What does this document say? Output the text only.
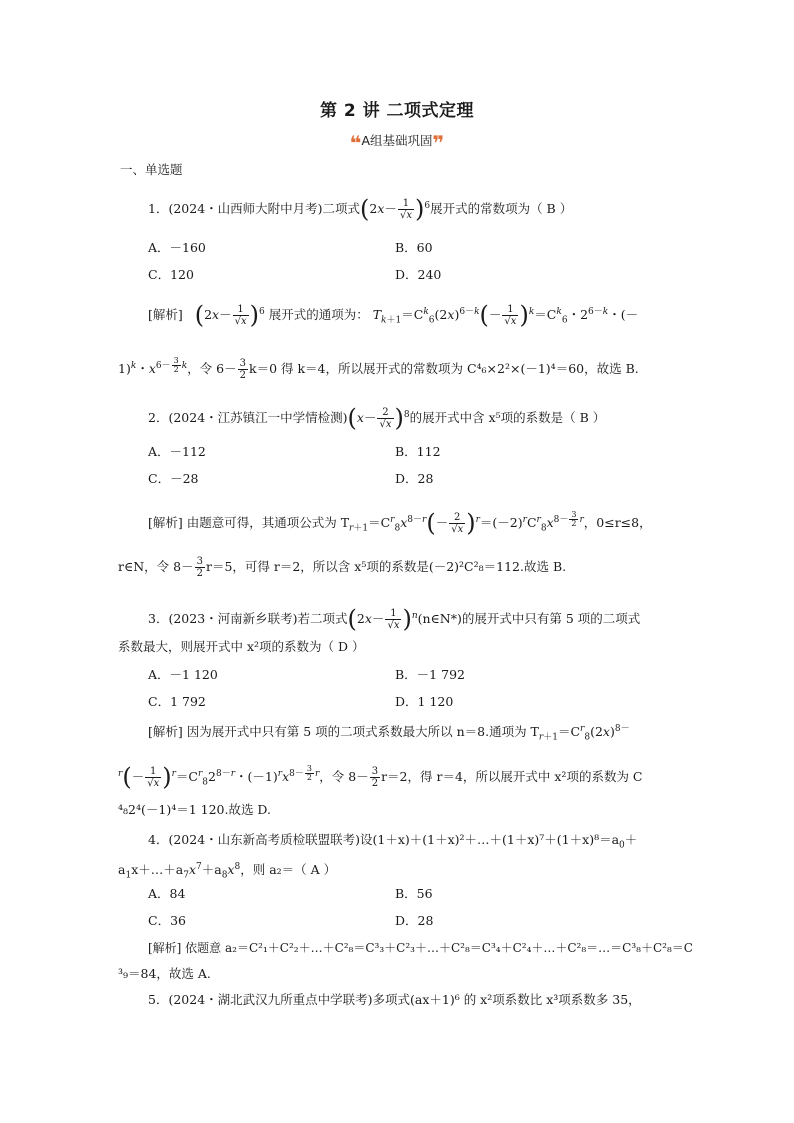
第 2 讲 二项式定理
❝A组基础巩固❞
一、单选题
1．(2024・山西师大附中月考)二项式$(2x- \frac{1}{√x} )^6$展开式的常数项为（ B ）
A．－160	B．60
C．120	D．240
[解析] $(2x- \frac{1}{√x} )^6$ 展开式的通项为： $T_{k+1}=C^k_6(2x)^{6-k}(- \frac{1}{√x} )^k=C^k_6$・$2^{6-k}$・(－
1)$^k$・$x^{6- \frac{3}{2} k}$，令 $6- \frac{3}{2} k=0$ 得 k＝4，所以展开式的常数项为 C⁴₆×2²×(－1)⁴＝60，故选 B.
2．(2024・江苏镇江一中学情检测)$(x- \frac{2}{√x} )^8$的展开式中含 x⁵项的系数是（ B ）
A．－112	B．112
C．－28	D．28
[解析] 由题意可得，其通项公式为 $T_{r+1}=C^r_8x^{8-r}(- \frac{2}{√x} )^r=(-2)^rC^r_8x^{8- \frac{3}{2} r}$，0≤r≤8，
r∈N，令 $8- \frac{3}{2} r=5$，可得 r＝2，所以含 x⁵项的系数是(－2)²C²₈＝112.故选 B.
3．(2023・河南新乡联考)若二项式($2x- \frac{1}{√x}$ )$^n(n\in N*)$的展开式中只有第 5 项的二项式
系数最大，则展开式中 x²项的系数为（ D ）
A．－1 120	B．－1 792
C．1 792	D．1 120
[解析] 因为展开式中只有第 5 项的二项式系数最大所以 n＝8.通项为 $T_{r+1}=C^r_8(2x)^{8-}$
$^r(- \frac{1}{√x} )^r=C^r_82^{8-r}$・$(-1)^rx^{8- \frac{3}{2} r}$，令 $8- \frac{3}{2} r=2$，得 r＝4，所以展开式中 x²项的系数为 C
⁴₈2⁴(－1)⁴＝1 120.故选 D.
4．(2024・山东新高考质检联盟联考)设$(1+x)+(1+x)^2+\dots+(1+x)^7+(1+x)^8=a_0+$
$a_1x+\dots+a_7x^7+a_8x^8$，则 a₂＝（ A ）
A．84	B．56
C．36	D．28
[解析] 依题意 a₂＝C²₁＋C²₂＋…＋C²₈＝C³₃＋C²₃＋…＋C²₈＝C³₄＋C²₄＋…＋C²₈＝…＝C³₈＋C²₈＝C
³₉＝84，故选 A.
5．(2024・湖北武汉九所重点中学联考)多项式(ax＋1)⁶ 的 x²项系数比 x³项系数多 35，
